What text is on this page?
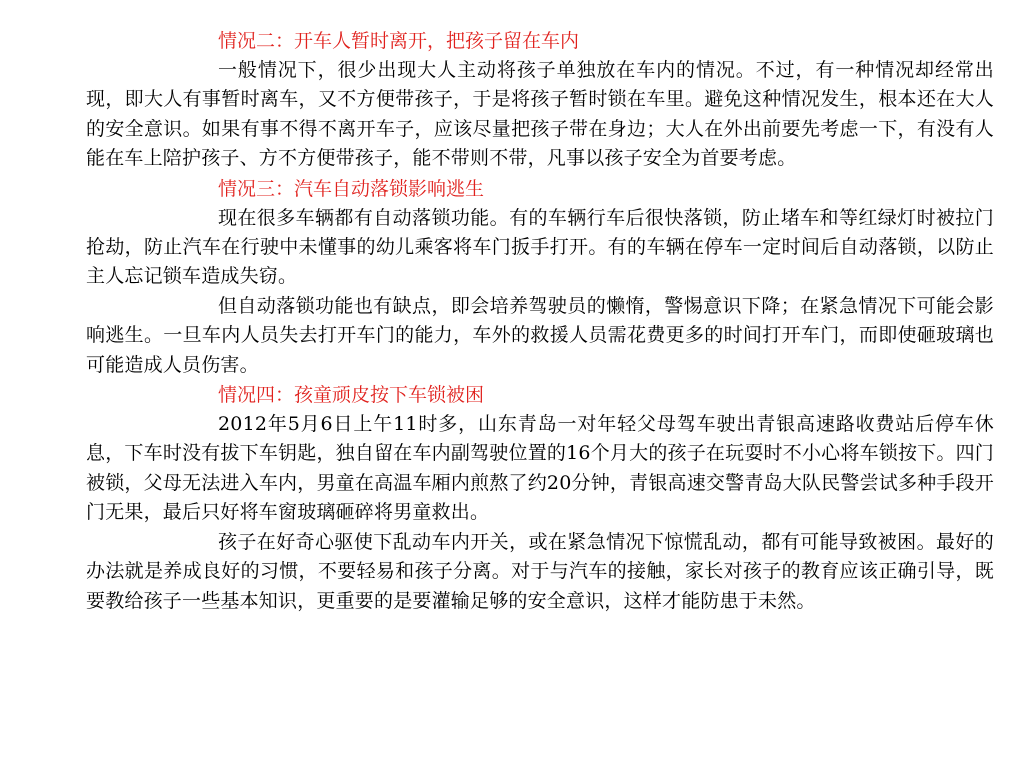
情况二：开车人暂时离开，把孩子留在车内

一般情况下，很少出现大人主动将孩子单独放在车内的情况。不过，有一种情况却经常出现，即大人有事暂时离车，又不方便带孩子，于是将孩子暂时锁在车里。避免这种情况发生，根本还在大人的安全意识。如果有事不得不离开车子，应该尽量把孩子带在身边；大人在外出前要先考虑一下，有没有人能在车上陪护孩子、方不方便带孩子，能不带则不带，凡事以孩子安全为首要考虑。

情况三：汽车自动落锁影响逃生

现在很多车辆都有自动落锁功能。有的车辆行车后很快落锁，防止堵车和等红绿灯时被拉门抢劫，防止汽车在行驶中未懂事的幼儿乘客将车门扳手打开。有的车辆在停车一定时间后自动落锁，以防止主人忘记锁车造成失窃。

但自动落锁功能也有缺点，即会培养驾驶员的懒惰，警惕意识下降；在紧急情况下可能会影响逃生。一旦车内人员失去打开车门的能力，车外的救援人员需花费更多的时间打开车门，而即使砸玻璃也可能造成人员伤害。

情况四：孩童顽皮按下车锁被困

2012年5月6日上午11时多，山东青岛一对年轻父母驾车驶出青银高速路收费站后停车休息，下车时没有拔下车钥匙，独自留在车内副驾驶位置的16个月大的孩子在玩耍时不小心将车锁按下。四门被锁，父母无法进入车内，男童在高温车厢内煎熬了约20分钟，青银高速交警青岛大队民警尝试多种手段开门无果，最后只好将车窗玻璃砸碎将男童救出。

孩子在好奇心驱使下乱动车内开关，或在紧急情况下惊慌乱动，都有可能导致被困。最好的办法就是养成良好的习惯，不要轻易和孩子分离。对于与汽车的接触，家长对孩子的教育应该正确引导，既要教给孩子一些基本知识，更重要的是要灌输足够的安全意识，这样才能防患于未然。
